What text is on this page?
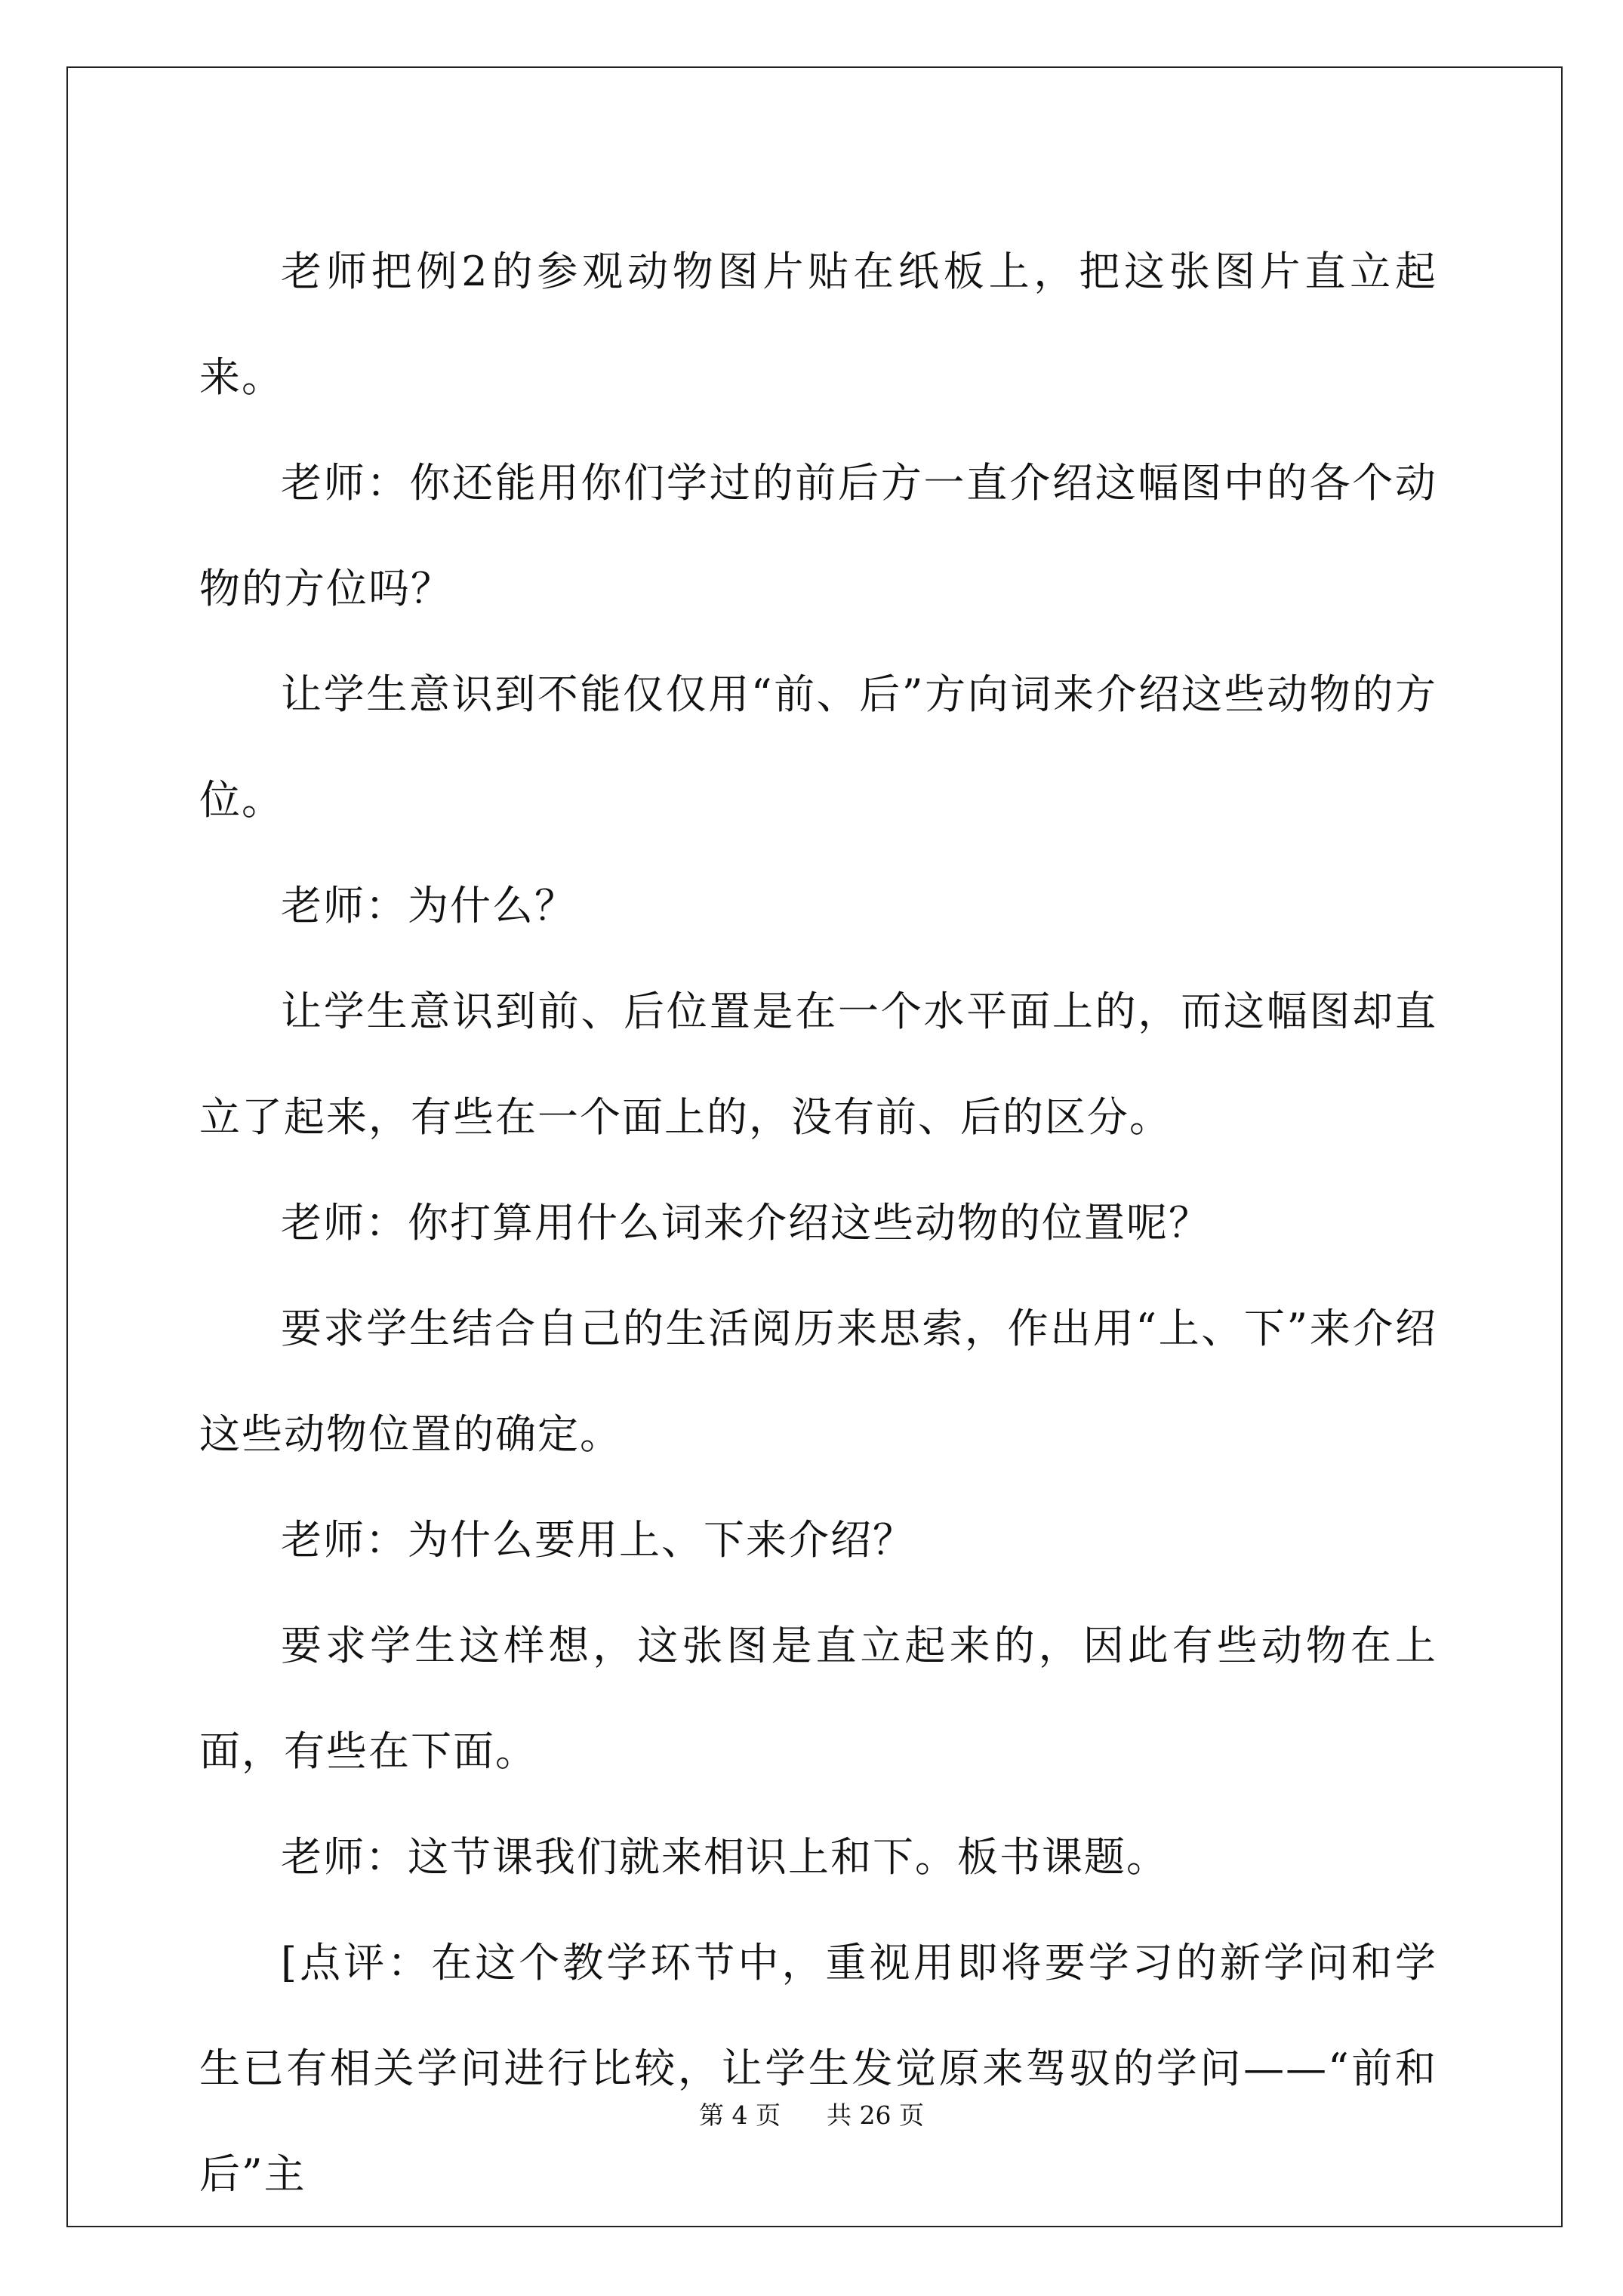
老师把例2的参观动物图片贴在纸板上，把这张图片直立起来。

老师：你还能用你们学过的前后方一直介绍这幅图中的各个动物的方位吗？

让学生意识到不能仅仅用“前、后”方向词来介绍这些动物的方位。

老师：为什么？

让学生意识到前、后位置是在一个水平面上的，而这幅图却直立了起来，有些在一个面上的，没有前、后的区分。

老师：你打算用什么词来介绍这些动物的位置呢？

要求学生结合自己的生活阅历来思索，作出用“上、下”来介绍这些动物位置的确定。

老师：为什么要用上、下来介绍？

要求学生这样想，这张图是直立起来的，因此有些动物在上面，有些在下面。

老师：这节课我们就来相识上和下。板书课题。

[点评：在这个教学环节中，重视用即将要学习的新学问和学生已有相关学问进行比较，让学生发觉原来驾驭的学问——“前和后”主

第 4 页 共 26 页
